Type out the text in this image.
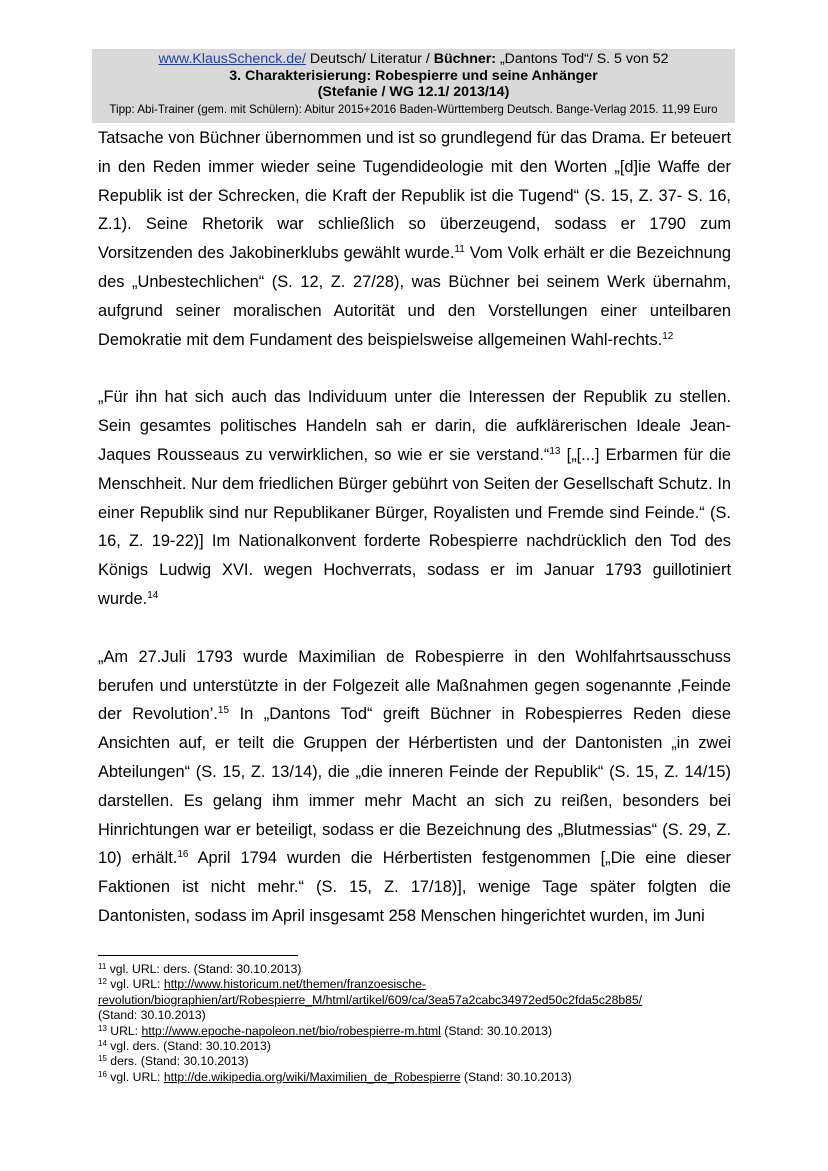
www.KlausSchenck.de/ Deutsch/ Literatur / Büchner: „Dantons Tod“/ S. 5 von 52
3. Charakterisierung: Robespierre und seine Anhänger
(Stefanie / WG 12.1/ 2013/14)
Tipp: Abi-Trainer (gem. mit Schülern): Abitur 2015+2016 Baden-Württemberg Deutsch. Bange-Verlag 2015. 11,99 Euro

Tatsache von Büchner übernommen und ist so grundlegend für das Drama. Er beteuert in den Reden immer wieder seine Tugendideologie mit den Worten „[d]ie Waffe der Republik ist der Schrecken, die Kraft der Republik ist die Tugend“ (S. 15, Z. 37- S. 16, Z.1). Seine Rhetorik war schließlich so überzeugend, sodass er 1790 zum Vorsitzenden des Jakobinerklubs gewählt wurde.$^{11}$ Vom Volk erhält er die Bezeichnung des „Unbestechlichen“ (S. 12, Z. 27/28), was Büchner bei seinem Werk übernahm, aufgrund seiner moralischen Autorität und den Vorstellungen einer unteilbaren Demokratie mit dem Fundament des beispielsweise allgemeinen Wahl-rechts.$^{12}$

„Für ihn hat sich auch das Individuum unter die Interessen der Republik zu stellen. Sein gesamtes politisches Handeln sah er darin, die aufklärerischen Ideale Jean-Jaques Rousseaus zu verwirklichen, so wie er sie verstand.“$^{13}$ [„[...] Erbarmen für die Menschheit. Nur dem friedlichen Bürger gebührt von Seiten der Gesellschaft Schutz. In einer Republik sind nur Republikaner Bürger, Royalisten und Fremde sind Feinde.“ (S. 16, Z. 19-22)] Im Nationalkonvent forderte Robespierre nachdrücklich den Tod des Königs Ludwig XVI. wegen Hochverrats, sodass er im Januar 1793 guillotiniert wurde.$^{14}$

„Am 27.Juli 1793 wurde Maximilian de Robespierre in den Wohlfahrtsausschuss berufen und unterstützte in der Folgezeit alle Maßnahmen gegen sogenannte ‚Feinde der Revolution’.$^{15}$ In „Dantons Tod“ greift Büchner in Robespierres Reden diese Ansichten auf, er teilt die Gruppen der Hérbertisten und der Dantonisten „in zwei Abteilungen“ (S. 15, Z. 13/14), die „die inneren Feinde der Republik“ (S. 15, Z. 14/15) darstellen. Es gelang ihm immer mehr Macht an sich zu reißen, besonders bei Hinrichtungen war er beteiligt, sodass er die Bezeichnung des „Blutmessias“ (S. 29, Z. 10) erhält.$^{16}$ April 1794 wurden die Hérbertisten festgenommen [„Die eine dieser Faktionen ist nicht mehr.“ (S. 15, Z. 17/18)], wenige Tage später folgten die Dantonisten, sodass im April insgesamt 258 Menschen hingerichtet wurden, im Juni

$^{11}$ vgl. URL: ders. (Stand: 30.10.2013)

$^{12}$ vgl. URL: http://www.historicum.net/themen/franzoesische-
revolution/biographien/art/Robespierre_M/html/artikel/609/ca/3ea57a2cabc34972ed50c2fda5c28b85/
(Stand: 30.10.2013)

$^{13}$ URL: http://www.epoche-napoleon.net/bio/robespierre-m.html (Stand: 30.10.2013)

$^{14}$ vgl. ders. (Stand: 30.10.2013)

$^{15}$ ders. (Stand: 30.10.2013)

$^{16}$ vgl. URL: http://de.wikipedia.org/wiki/Maximilien_de_Robespierre (Stand: 30.10.2013)
